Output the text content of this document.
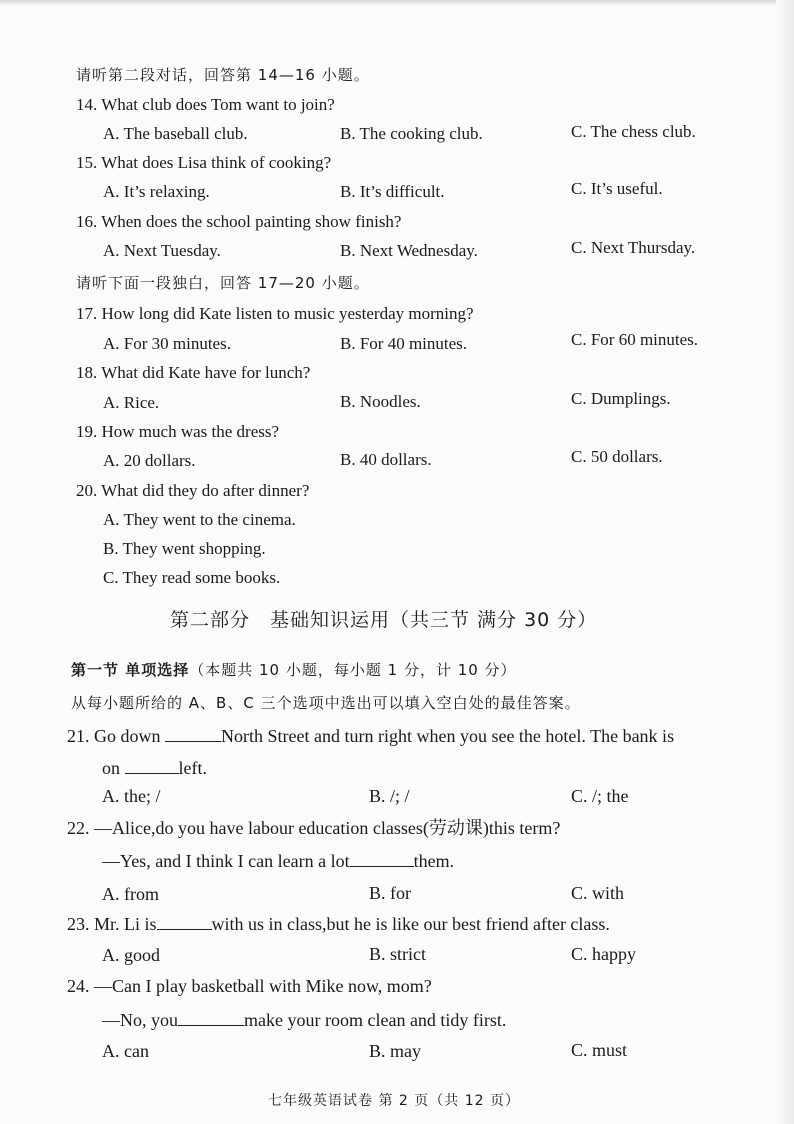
请听第二段对话，回答第 14—16 小题。
14. What club does Tom want to join?
A. The baseball club.	B. The cooking club.	C. The chess club.
15. What does Lisa think of cooking?
A. It’s relaxing.	B. It’s difficult.	C. It’s useful.
16. When does the school painting show finish?
A. Next Tuesday.	B. Next Wednesday.	C. Next Thursday.
请听下面一段独白，回答 17—20 小题。
17. How long did Kate listen to music yesterday morning?
A. For 30 minutes.	B. For 40 minutes.	C. For 60 minutes.
18. What did Kate have for lunch?
A. Rice.	B. Noodles.	C. Dumplings.
19. How much was the dress?
A. 20 dollars.	B. 40 dollars.	C. 50 dollars.
20. What did they do after dinner?
A. They went to the cinema.
B. They went shopping.
C. They read some books.
第二部分　基础知识运用（共三节 满分 30 分）
第一节 单项选择（本题共 10 小题，每小题 1 分，计 10 分）
从每小题所给的 A、B、C 三个选项中选出可以填入空白处的最佳答案。
21. Go down	North Street and turn right when you see the hotel. The bank is
on	left.
A. the; /	B. /; /	C. /; the
22. —Alice,do you have labour education classes(劳动课)this term?
—Yes, and I think I can learn a lot	them.
A. from	B. for	C. with
23. Mr. Li is	with us in class,but he is like our best friend after class.
A. good	B. strict	C. happy
24. —Can I play basketball with Mike now, mom?
—No, you	make your room clean and tidy first.
A. can	B. may	C. must
七年级英语试卷 第 2 页（共 12 页）
